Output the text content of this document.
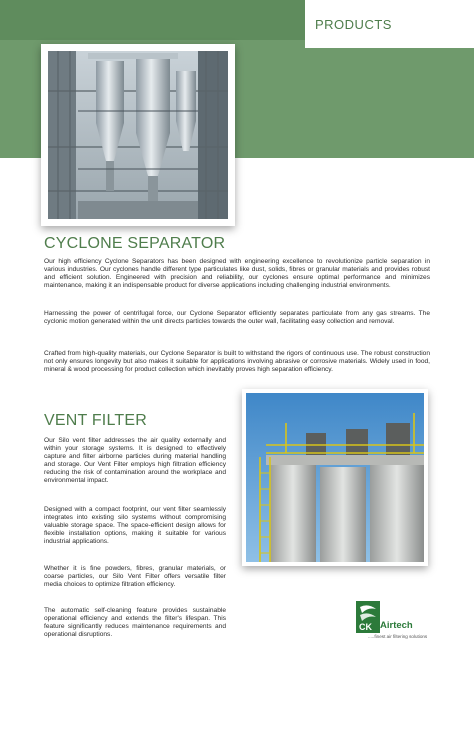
PRODUCTS
CYCLONE SEPARATOR

Our high efficiency Cyclone Separators has been designed with engineering excellence to revolutionize particle separation in various industries. Our cyclones handle different type particulates like dust, solids, fibres or granular materials and provides robust and efficient solution. Engineered with precision and reliability, our cyclones ensure optimal performance and minimizes maintenance, making it an indispensable product for diverse applications including challenging industrial environments.

Harnessing the power of centrifugal force, our Cyclone Separator efficiently separates particulate from any gas streams. The cyclonic motion generated within the unit directs particles towards the outer wall, facilitating easy collection and removal.

Crafted from high-quality materials, our Cyclone Separator is built to withstand the rigors of continuous use. The robust construction not only ensures longevity but also makes it suitable for applications involving abrasive or corrosive materials. Widely used in food, mineral & wood processing for product collection which inevitably proves high separation efficiency.

VENT FILTER

Our Silo vent filter addresses the air quality externally and within your storage systems. It is designed to effectively capture and filter airborne particles during material handling and storage. Our Vent Filter employs high filtration efficiency reducing the risk of contamination around the workplace and environmental impact.

Designed with a compact footprint, our vent filter seamlessly integrates into existing silo systems without compromising valuable storage space. The space-efficient design allows for flexible installation options, making it suitable for various industrial applications.

Whether it is fine powders, fibres, granular materials, or coarse particles, our Silo Vent Filter offers versatile filter media choices to optimize filtration efficiency.

The automatic self-cleaning feature provides sustainable operational efficiency and extends the filter's lifespan. This feature significantly reduces maintenance requirements and operational disruptions.

CK Airtech
.....finest air filtering solutions
